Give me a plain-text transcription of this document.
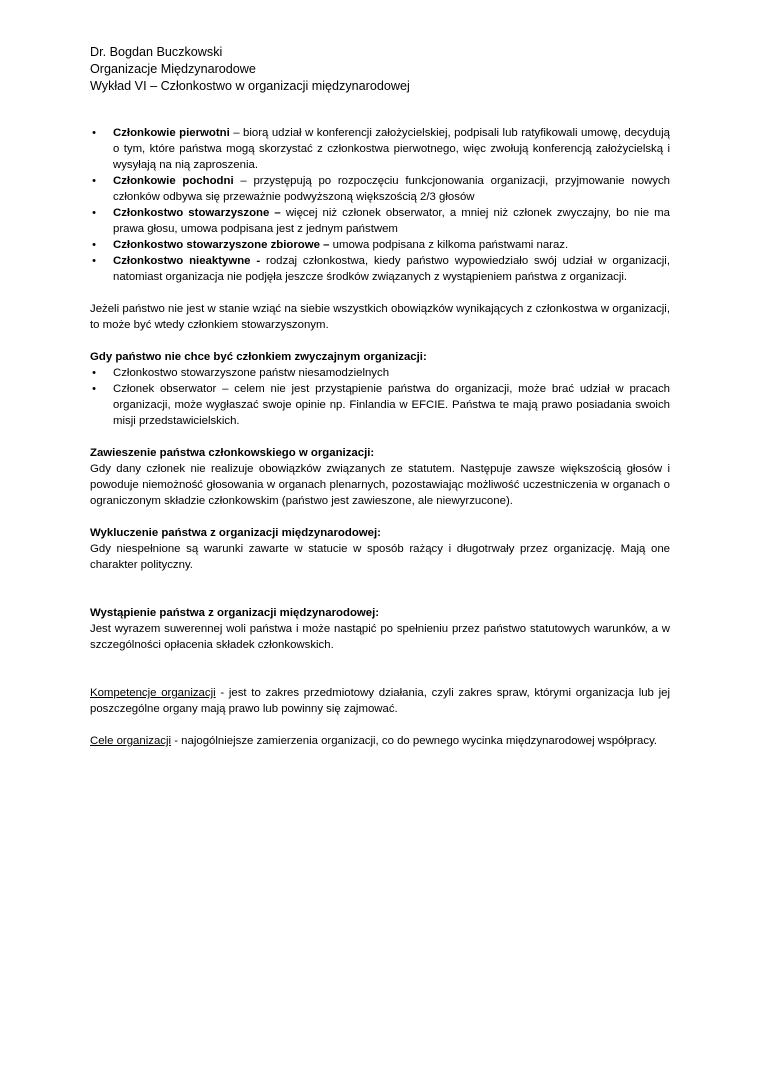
Dr. Bogdan Buczkowski

Organizacje Międzynarodowe

Wykład VI – Członkostwo w organizacji międzynarodowej

• Członkowie pierwotni – biorą udział w konferencji założycielskiej, podpisali lub ratyfikowali umowę, decydują o tym, które państwa mogą skorzystać z członkostwa pierwotnego, więc zwołują konferencją założycielską i wysyłają na nią zaproszenia.
• Członkowie pochodni – przystępują po rozpoczęciu funkcjonowania organizacji, przyjmowanie nowych członków odbywa się przeważnie podwyższoną większością 2/3 głosów
• Członkostwo stowarzyszone – więcej niż członek obserwator, a mniej niż członek zwyczajny, bo nie ma prawa głosu, umowa podpisana jest z jednym państwem
• Członkostwo stowarzyszone zbiorowe – umowa podpisana z kilkoma państwami naraz.
• Członkostwo nieaktywne - rodzaj członkostwa, kiedy państwo wypowiedziało swój udział w organizacji, natomiast organizacja nie podjęła jeszcze środków związanych z wystąpieniem państwa z organizacji.

Jeżeli państwo nie jest w stanie wziąć na siebie wszystkich obowiązków wynikających z członkostwa w organizacji, to może być wtedy członkiem stowarzyszonym.

Gdy państwo nie chce być członkiem zwyczajnym organizacji:

• Członkostwo stowarzyszone państw niesamodzielnych
• Członek obserwator – celem nie jest przystąpienie państwa do organizacji, może brać udział w pracach organizacji, może wygłaszać swoje opinie np. Finlandia w EFCIE. Państwa te mają prawo posiadania swoich misji przedstawicielskich.

Zawieszenie państwa członkowskiego w organizacji:

Gdy dany członek nie realizuje obowiązków związanych ze statutem. Następuje zawsze większością głosów i powoduje niemożność głosowania w organach plenarnych, pozostawiając możliwość uczestniczenia w organach o ograniczonym składzie członkowskim (państwo jest zawieszone, ale niewyrzucone).

Wykluczenie państwa z organizacji międzynarodowej:

Gdy niespełnione są warunki zawarte w statucie w sposób rażący i długotrwały przez organizację. Mają one charakter polityczny.

Wystąpienie państwa z organizacji międzynarodowej:

Jest wyrazem suwerennej woli państwa i może nastąpić po spełnieniu przez państwo statutowych warunków, a w szczególności opłacenia składek członkowskich.

Kompetencje organizacji - jest to zakres przedmiotowy działania, czyli zakres spraw, którymi organizacja lub jej poszczególne organy mają prawo lub powinny się zajmować.

Cele organizacji - najogólniejsze zamierzenia organizacji, co do pewnego wycinka międzynarodowej współpracy.
